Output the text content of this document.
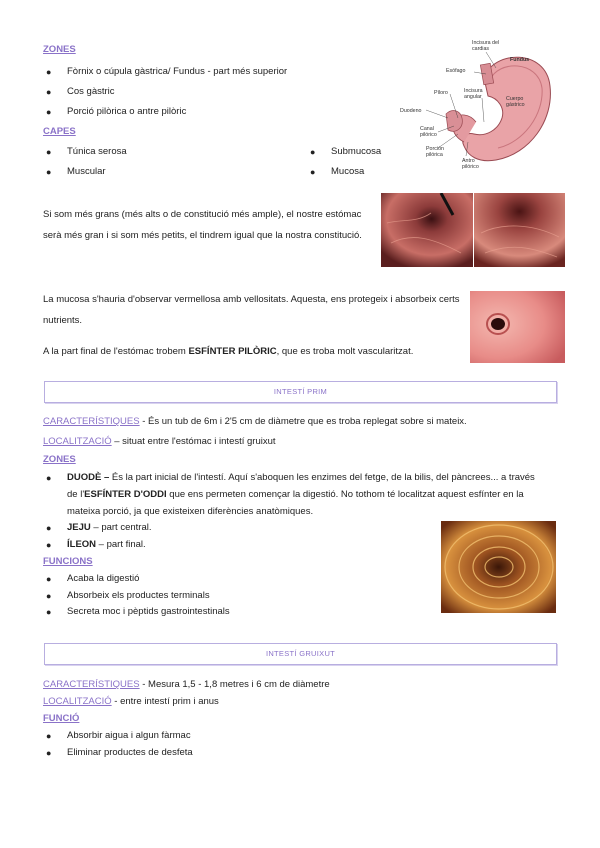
ZONES
● Fòrnix o cúpula gàstrica/ Fundus - part més superior
● Cos gàstric
● Porció pilòrica o antre pilòric
CAPES
● Túnica serosa
● Muscular
● Submucosa
● Mucosa
Incisura del cardias
Fundus
Esófago
Píloro	Incisura angular	Cuerpo gástrico
Duodeno
Canal pilórico
Porción pilórica
Antro pilórico
Si som més grans (més alts o de constitució més ample), el nostre estómac serà més gran i si som més petits, el tindrem igual que la nostra constitució.
La mucosa s'hauria d'observar vermellosa amb vellositats. Aquesta, ens protegeix i absorbeix certs nutrients.
A la part final de l'estómac trobem ESFÍNTER PILÒRIC, que es troba molt vascularitzat.
INTESTÍ PRIM
CARACTERÍSTIQUES - És un tub de 6m i 2'5 cm de diàmetre que es troba replegat sobre si mateix.
LOCALITZACIÓ – situat entre l'estómac i intestí gruixut
ZONES
● DUODÈ – És la part inicial de l'intestí. Aquí s'aboquen les enzimes del fetge, de la bilis, del pàncrees... a través
de l'ESFÍNTER D'ODDI que ens permeten començar la digestió. No tothom té localitzat aquest esfínter en la
mateixa porció, ja que existeixen diferències anatòmiques.
● JEJU – part central.
● ÍLEON – part final.
FUNCIONS
● Acaba la digestió
● Absorbeix els productes terminals
● Secreta moc i pèptids gastrointestinals
INTESTÍ GRUIXUT
CARACTERÍSTIQUES - Mesura 1,5 - 1,8 metres i 6 cm de diàmetre
LOCALITZACIÓ - entre intestí prim i anus
FUNCIÓ
● Absorbir aigua i algun fàrmac
● Eliminar productes de desfeta
